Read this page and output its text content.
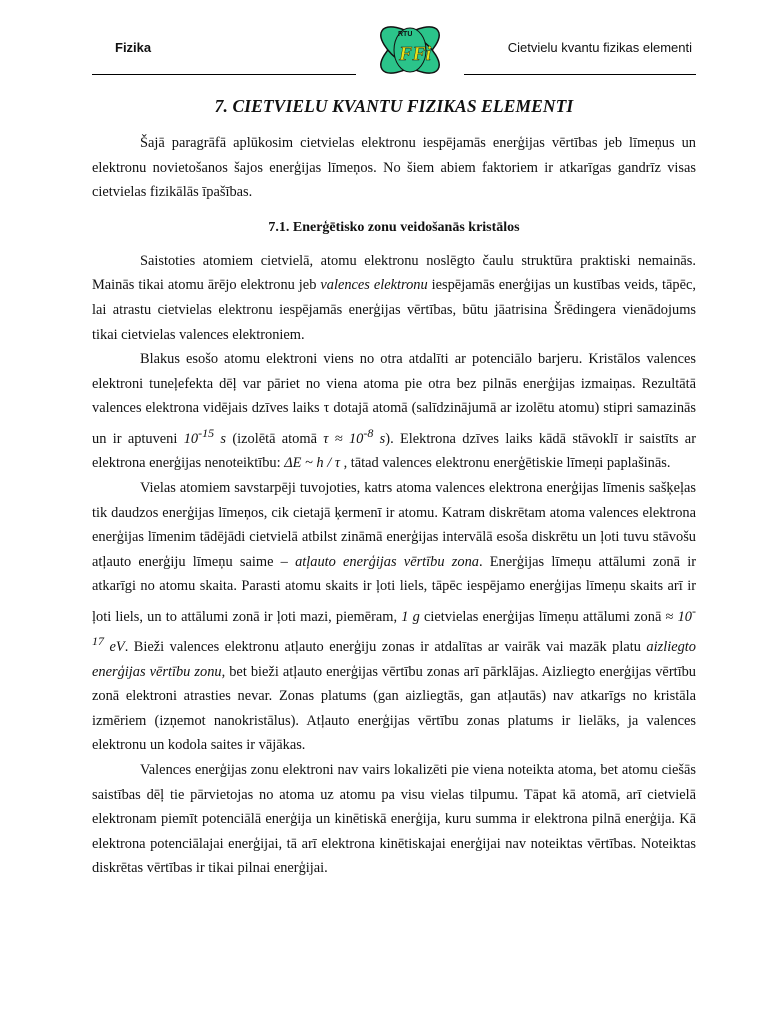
Fizika	Cietvielu kvantu fizikas elementi
RTU
FFi
7. CIETVIELU KVANTU FIZIKAS ELEMENTI

Šajā paragrāfā aplūkosim cietvielas elektronu iespējamās enerģijas vērtības jeb līmeņus un elektronu novietošanos šajos enerģijas līmeņos. No šiem abiem faktoriem ir atkarīgas gandrīz visas cietvielas fizikālās īpašības.

7.1. Enerģētisko zonu veidošanās kristālos

Saistoties atomiem cietvielā, atomu elektronu noslēgto čaulu struktūra praktiski nemainās. Mainās tikai atomu ārējo elektronu jeb valences elektronu iespējamās enerģijas un kustības veids, tāpēc, lai atrastu cietvielas elektronu iespējamās enerģijas vērtības, būtu jāatrisina Šrēdingera vienādojums tikai cietvielas valences elektroniem.

Blakus esošo atomu elektroni viens no otra atdalīti ar potenciālo barjeru. Kristālos valences elektroni tuneļefekta dēļ var pāriet no viena atoma pie otra bez pilnās enerģijas izmaiņas. Rezultātā valences elektrona vidējais dzīves laiks τ dotajā atomā (salīdzinājumā ar izolētu atomu) stipri samazinās un ir aptuveni $10^{-15}$ s (izolētā atomā $\tau \approx 10^{-8}$ s). Elektrona dzīves laiks kādā stāvoklī ir saistīts ar elektrona enerģijas nenoteiktību: ΔE ~ h / τ , tātad valences elektronu enerģētiskie līmeņi paplašinās.

Vielas atomiem savstarpēji tuvojoties, katrs atoma valences elektrona enerģijas līmenis sašķeļas tik daudzos enerģijas līmeņos, cik cietajā ķermenī ir atomu. Katram diskrētam atoma valences elektrona enerģijas līmenim tādējādi cietvielā atbilst zināmā enerģijas intervālā esoša diskrētu un ļoti tuvu stāvošu atļauto enerģiju līmeņu saime – atļauto enerģijas vērtību zona. Enerģijas līmeņu attālumi zonā ir atkarīgi no atomu skaita. Parasti atomu skaits ir ļoti liels, tāpēc iespējamo enerģijas līmeņu skaits arī ir ļoti liels, un to attālumi zonā ir ļoti mazi, piemēram, 1 g cietvielas enerģijas līmeņu attālumi zonā ≈ $10^{-17}$ eV. Bieži valences elektronu atļauto enerģiju zonas ir atdalītas ar vairāk vai mazāk platu aizliegto enerģijas vērtību zonu, bet bieži atļauto enerģijas vērtību zonas arī pārklājas. Aizliegto enerģijas vērtību zonā elektroni atrasties nevar. Zonas platums (gan aizliegtās, gan atļautās) nav atkarīgs no kristāla izmēriem (izņemot nanokristālus). Atļauto enerģijas vērtību zonas platums ir lielāks, ja valences elektronu un kodola saites ir vājākas.

Valences enerģijas zonu elektroni nav vairs lokalizēti pie viena noteikta atoma, bet atomu ciešās saistības dēļ tie pārvietojas no atoma uz atomu pa visu vielas tilpumu. Tāpat kā atomā, arī cietvielā elektronam piemīt potenciālā enerģija un kinētiskā enerģija, kuru summa ir elektrona pilnā enerģija. Kā elektrona potenciālajai enerģijai, tā arī elektrona kinētiskajai enerģijai nav noteiktas vērtības. Noteiktas diskrētas vērtības ir tikai pilnai enerģijai.
